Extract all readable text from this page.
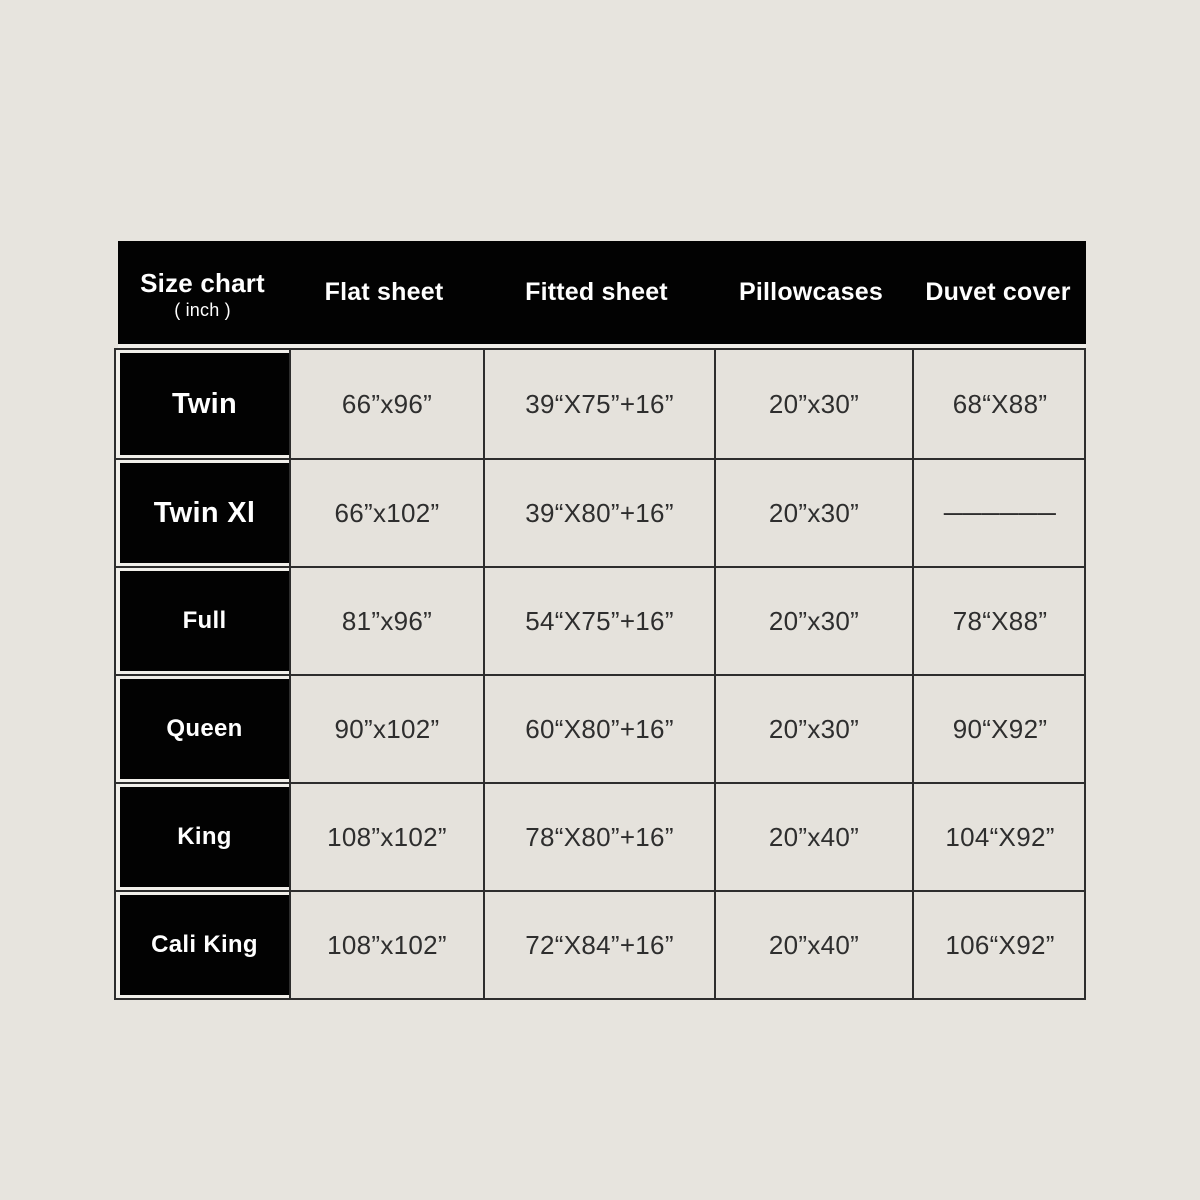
Size chart
( inch )
Flat sheet	Fitted sheet	Pillowcases	Duvet cover
Twin	66”x96”	39“X75”+16”	20”x30”	68“X88”
Twin Xl	66”x102”	39“X80”+16”	20”x30”	──────
Full	81”x96”	54“X75”+16”	20”x30”	78“X88”
Queen	90”x102”	60“X80”+16”	20”x30”	90“X92”
King	108”x102”	78“X80”+16”	20”x40”	104“X92”
Cali King	108”x102”	72“X84”+16”	20”x40”	106“X92”
